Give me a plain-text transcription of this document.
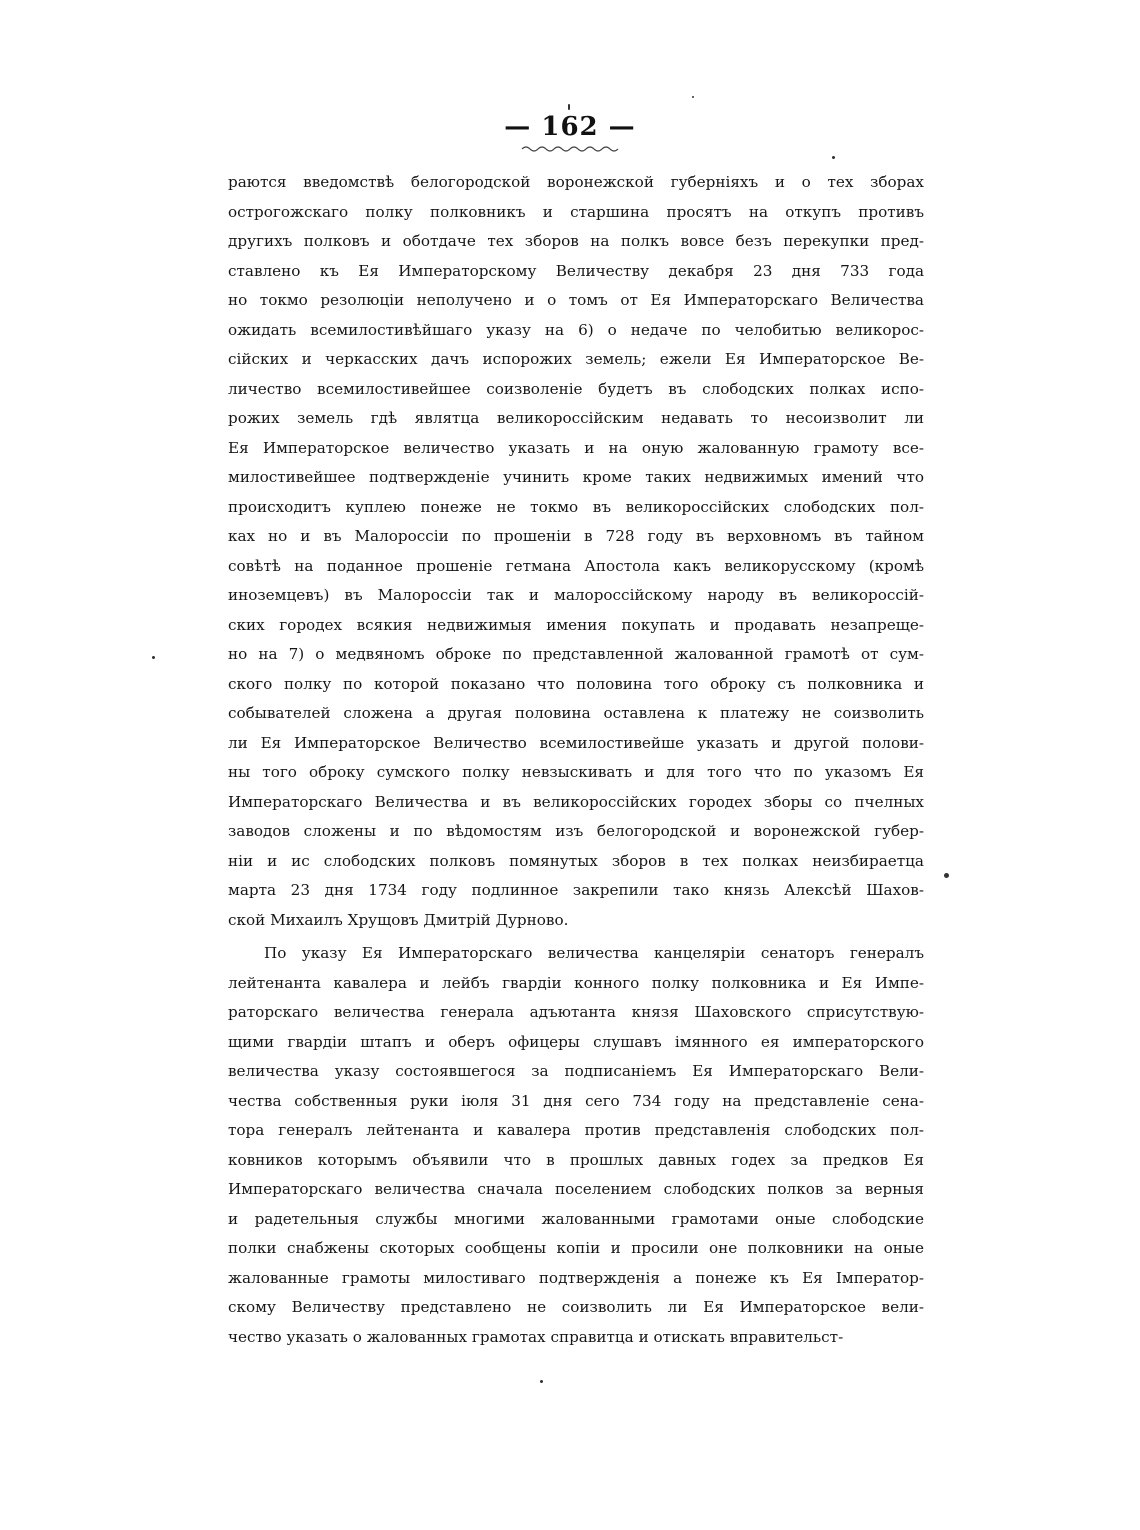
— 162 —
раются введомствѣ белогородской воронежской губерніяхъ и о тех зборах
острогожскаго полку полковникъ и старшина просятъ на откупъ противъ
другихъ полковъ и оботдаче тех зборов на полкъ вовсе безъ перекупки пред-
ставлено къ Ея Императорскому Величеству декабря 23 дня 733 года
но токмо резолюціи неполучено и о томъ от Ея Императорскаго Величества
ожидать всемилостивѣйшаго указу на 6) о недаче по челобитью великорос-
сійских и черкасских дачъ испорожих земель; ежели Ея Императорское Ве-
личество всемилостивейшее соизволеніе будетъ въ слободских полках испо-
рожих земель гдѣ являтца великороссійским недавать то несоизволит ли
Ея Императорское величество указать и на оную жалованную грамоту все-
милостивейшее подтвержденіе учинить кроме таких недвижимых имений что
происходитъ куплею понеже не токмо въ великороссійских слободских пол-
ках но и въ Малороссіи по прошеніи в 728 году въ верховномъ въ тайном
совѣтѣ на поданное прошеніе гетмана Апостола какъ великорусскому (кромѣ
иноземцевъ) въ Малороссіи так и малороссійскому народу въ великороссій-
ских городех всякия недвижимыя имения покупать и продавать незапреще-
но на 7) о медвяномъ оброке по представленной жалованной грамотѣ от сум-
ского полку по которой показано что половина того оброку съ полковника и
собывателей сложена а другая половина оставлена к платежу не соизволить
ли Ея Императорское Величество всемилостивейше указать и другой полови-
ны того оброку сумского полку невзыскивать и для того что по указомъ Ея
Императорскаго Величества и въ великороссійских городех зборы со пчелных
заводов сложены и по вѣдомостям изъ белогородской и воронежской губер-
ніи и ис слободских полковъ помянутых зборов в тех полках неизбираетца
марта 23 дня 1734 году подлинное закрепили тако князь Алексѣй Шахов-
ской Михаилъ Хрущовъ Дмитрій Дурново.
По указу Ея Императорскаго величества канцеляріи сенаторъ генералъ
лейтенанта кавалера и лейбъ гвардіи конного полку полковника и Ея Импе-
раторскаго величества генерала адъютанта князя Шаховского сприсутствую-
щими гвардіи штапъ и оберъ офицеры слушавъ імянного ея императорского
величества указу состоявшегося за подписаніемъ Ея Императорскаго Вели-
чества собственныя руки іюля 31 дня сего 734 году на представленіе сена-
тора генералъ лейтенанта и кавалера против представленія слободских пол-
ковников которымъ объявили что в прошлых давных годех за предков Ея
Императорскаго величества сначала поселением слободских полков за верныя
и радетельныя службы многими жалованными грамотами оные слободские
полки снабжены скоторых сообщены копіи и просили оне полковники на оные
жалованные грамоты милостиваго подтвержденія а понеже къ Ея Імператор-
скому Величеству представлено не соизволить ли Ея Императорское вели-
чество указать о жалованных грамотах справитца и отискать вправительст-
